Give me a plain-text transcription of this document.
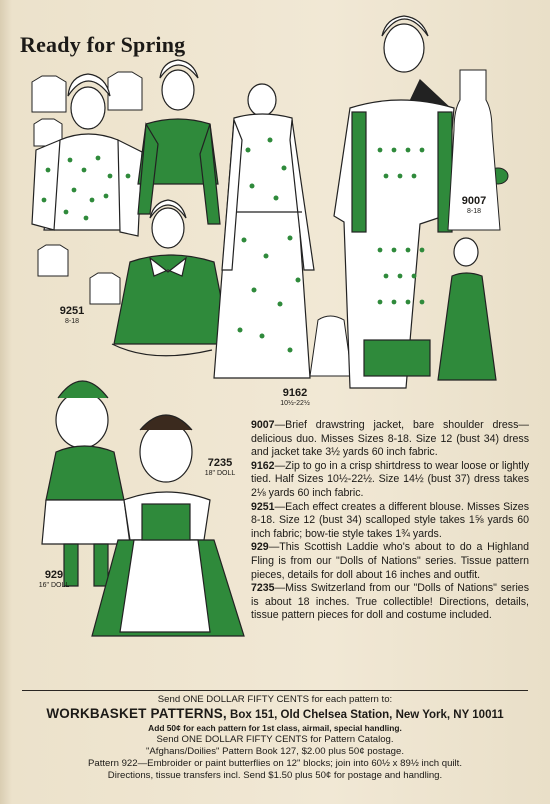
Ready for Spring
9251
8-18
9162
10½-22½
9007
8-18
7235
18" DOLL
929
16" DOLL

9007—Brief drawstring jacket, bare shoulder dress—delicious duo. Misses Sizes 8-18. Size 12 (bust 34) dress and jacket take 3½ yards 60 inch fabric.

9162—Zip to go in a crisp shirtdress to wear loose or lightly tied. Half Sizes 10½-22½. Size 14½ (bust 37) dress takes 2⅛ yards 60 inch fabric.

9251—Each effect creates a different blouse. Misses Sizes 8-18. Size 12 (bust 34) scalloped style takes 1⅝ yards 60 inch fabric; bow-tie style takes 1¾ yards.

929—This Scottish Laddie who's about to do a Highland Fling is from our "Dolls of Nations" series. Tissue pattern pieces, details for doll about 16 inches and outfit.

7235—Miss Switzerland from our "Dolls of Nations" series is about 18 inches. True collectible! Directions, details, tissue pattern pieces for doll and costume included.

Send ONE DOLLAR FIFTY CENTS for each pattern to:
WORKBASKET PATTERNS, Box 151, Old Chelsea Station, New York, NY 10011
Add 50¢ for each pattern for 1st class, airmail, special handling.
Send ONE DOLLAR FIFTY CENTS for Pattern Catalog.
"Afghans/Doilies" Pattern Book 127, $2.00 plus 50¢ postage.
Pattern 922—Embroider or paint butterflies on 12" blocks; join into 60½ x 89½ inch quilt.
Directions, tissue transfers incl. Send $1.50 plus 50¢ for postage and handling.
